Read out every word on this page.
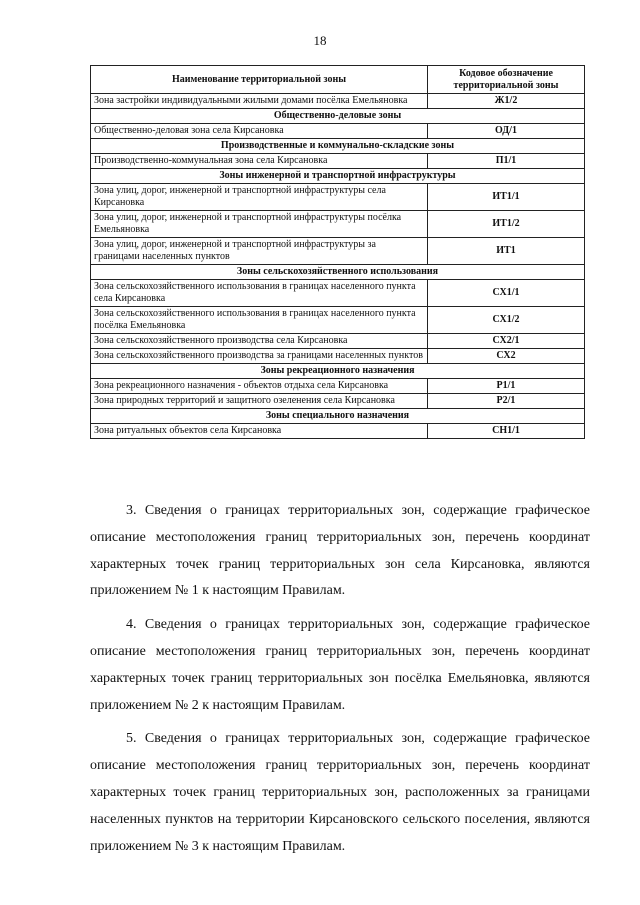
18
Наименование территориальной зоны	Кодовое обозначение территориальной зоны
Зона застройки индивидуальными жилыми домами посёлка Емельяновка	Ж1/2
Общественно-деловые зоны	
Общественно-деловая зона села Кирсановка	ОД/1
Производственные и коммунально-складские зоны	
Производственно-коммунальная зона села Кирсановка	П1/1
Зоны инженерной и транспортной инфраструктуры	
Зона улиц, дорог, инженерной и транспортной инфраструктуры села Кирсановка	ИТ1/1
Зона улиц, дорог, инженерной и транспортной инфраструктуры посёлка Емельяновка	ИТ1/2
Зона улиц, дорог, инженерной и транспортной инфраструктуры за границами населенных пунктов	ИТ1
Зоны сельскохозяйственного использования	
Зона сельскохозяйственного использования в границах населенного пункта села Кирсановка	СХ1/1
Зона сельскохозяйственного использования в границах населенного пункта посёлка Емельяновка	СХ1/2
Зона сельскохозяйственного производства села Кирсановка	СХ2/1
Зона сельскохозяйственного производства за границами населенных пунктов	СХ2
Зоны рекреационного назначения	
Зона рекреационного назначения - объектов отдыха села Кирсановка	Р1/1
Зона природных территорий и защитного озеленения села Кирсановка	Р2/1
Зоны специального назначения	
Зона ритуальных объектов села Кирсановка	СН1/1

3. Сведения о границах территориальных зон, содержащие графическое описание местоположения границ территориальных зон, перечень координат характерных точек границ территориальных зон села Кирсановка, являются приложением № 1 к настоящим Правилам.

4. Сведения о границах территориальных зон, содержащие графическое описание местоположения границ территориальных зон, перечень координат характерных точек границ территориальных зон посёлка Емельяновка, являются приложением № 2 к настоящим Правилам.

5. Сведения о границах территориальных зон, содержащие графическое описание местоположения границ территориальных зон, перечень координат характерных точек границ территориальных зон, расположенных за границами населенных пунктов на территории Кирсановского сельского поселения, являются приложением № 3 к настоящим Правилам.
